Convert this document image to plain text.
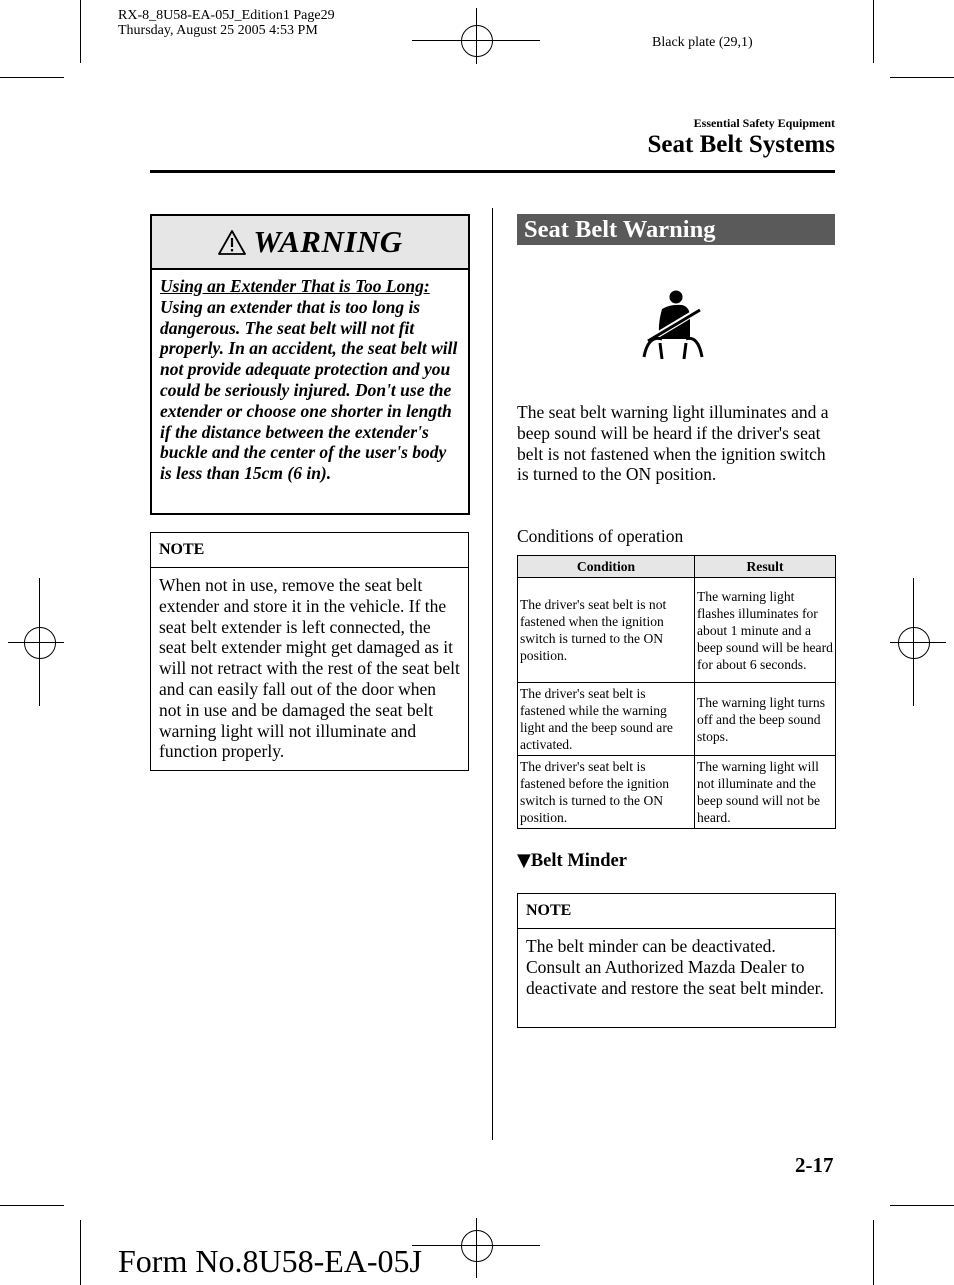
RX-8_8U58-EA-05J_Edition1 Page29
Thursday, August 25 2005 4:53 PM
Black plate (29,1)
Essential Safety Equipment
Seat Belt Systems
WARNING
Using an Extender That is Too Long: Using an extender that is too long is dangerous. The seat belt will not fit properly. In an accident, the seat belt will not provide adequate protection and you could be seriously injured. Don't use the extender or choose one shorter in length if the distance between the extender's buckle and the center of the user's body is less than 15cm (6 in).
NOTE
When not in use, remove the seat belt extender and store it in the vehicle. If the seat belt extender is left connected, the seat belt extender might get damaged as it will not retract with the rest of the seat belt and can easily fall out of the door when not in use and be damaged the seat belt warning light will not illuminate and function properly.
Seat Belt Warning Light/Beep
The seat belt warning light illuminates and a beep sound will be heard if the driver's seat belt is not fastened when the ignition switch is turned to the ON position.
Conditions of operation
Condition	Result
The driver's seat belt is not fastened when the ignition switch is turned to the ON position.	The warning light flashes illuminates for about 1 minute and a beep sound will be heard for about 6 seconds.
The driver's seat belt is fastened while the warning light and the beep sound are activated.	The warning light turns off and the beep sound stops.
The driver's seat belt is fastened before the ignition switch is turned to the ON position.	The warning light will not illuminate and the beep sound will not be heard.
▼Belt Minder
NOTE
The belt minder can be deactivated. Consult an Authorized Mazda Dealer to deactivate and restore the seat belt minder.
2-17
Form No.8U58-EA-05J
